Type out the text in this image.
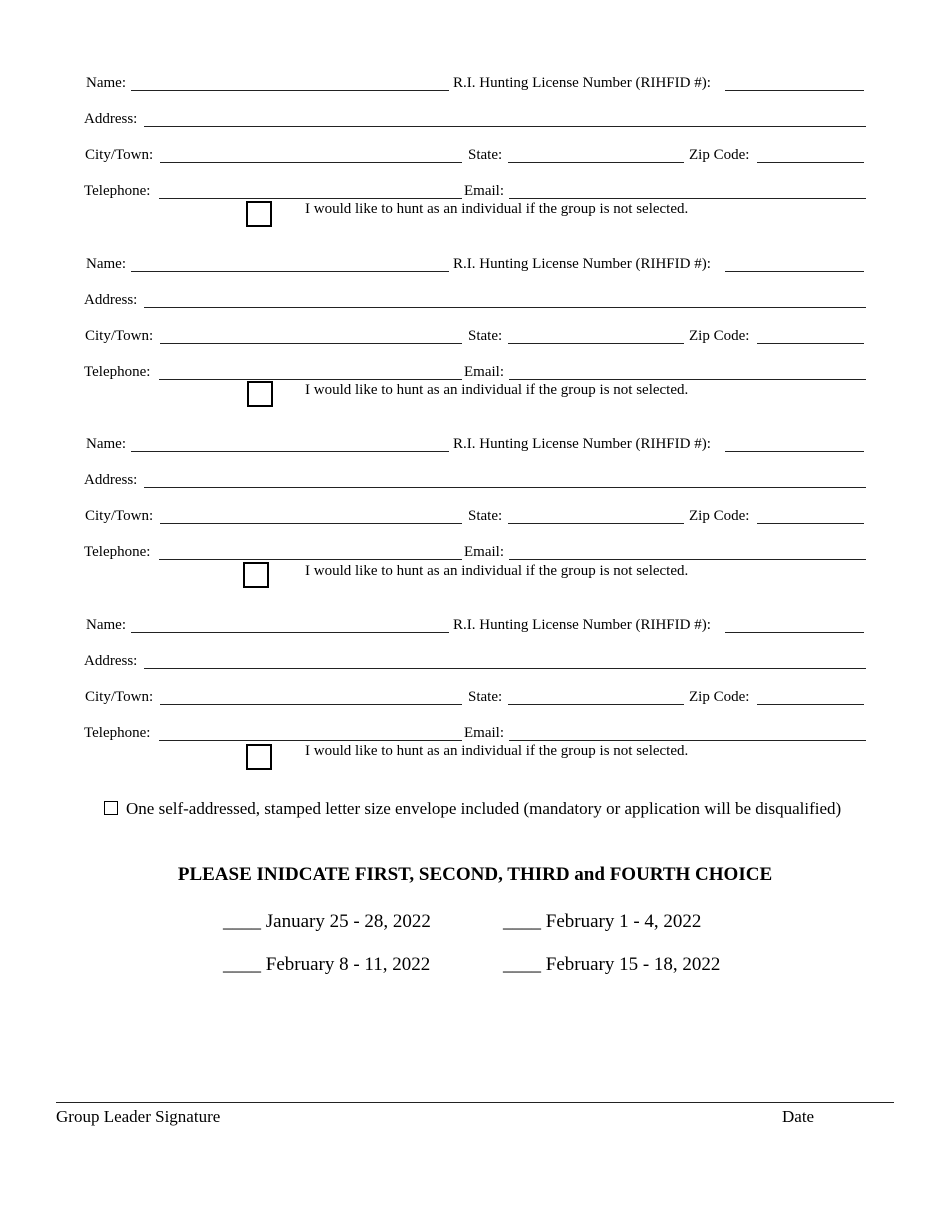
Name:	R.I. Hunting License Number (RIHFID #):
Address:
City/Town:	State:	Zip Code:
Telephone:	Email:
I would like to hunt as an individual if the group is not selected.
Name:	R.I. Hunting License Number (RIHFID #):
Address:
City/Town:	State:	Zip Code:
Telephone:	Email:
I would like to hunt as an individual if the group is not selected.
Name:	R.I. Hunting License Number (RIHFID #):
Address:
City/Town:	State:	Zip Code:
Telephone:	Email:
I would like to hunt as an individual if the group is not selected.
Name:	R.I. Hunting License Number (RIHFID #):
Address:
City/Town:	State:	Zip Code:
Telephone:	Email:
I would like to hunt as an individual if the group is not selected.
One self-addressed, stamped letter size envelope included (mandatory or application will be disqualified)
PLEASE INIDCATE FIRST, SECOND, THIRD and FOURTH CHOICE
____ January 25 - 28, 2022	____ February 1 - 4, 2022
____ February 8 - 11, 2022	____ February 15 - 18, 2022
Group Leader Signature	Date
